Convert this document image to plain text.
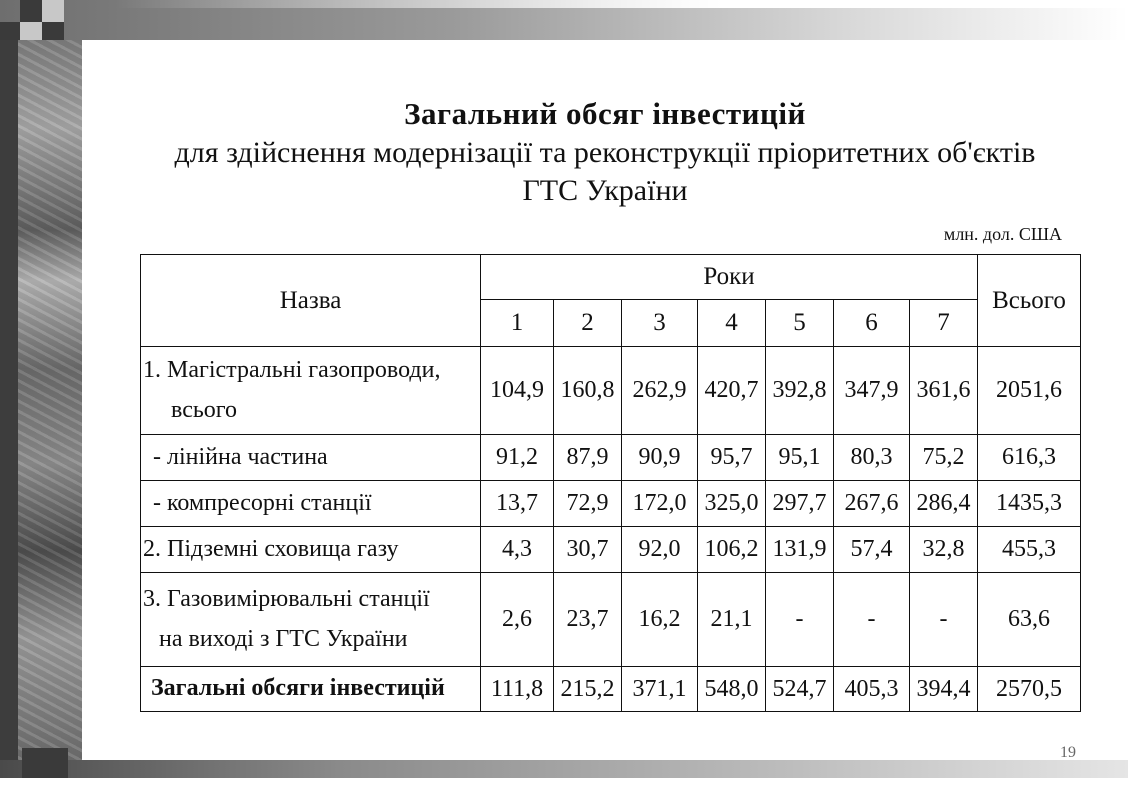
Загальний обсяг інвестицій
для здійснення модернізації та реконструкції пріоритетних об'єктів
ГТС України
млн. дол. США
Назва	Роки							Всього
	1	2	3	4	5	6	7	

1. Магістральні газопроводи,
всього	104,9	160,8	262,9	420,7	392,8	347,9	361,6	2051,6

- лінійна частина	91,2	87,9	90,9	95,7	95,1	80,3	75,2	616,3

- компресорні станції	13,7	72,9	172,0	325,0	297,7	267,6	286,4	1435,3

2. Підземні сховища газу	4,3	30,7	92,0	106,2	131,9	57,4	32,8	455,3

3. Газовимірювальні станції
на виході з ГТС України	2,6	23,7	16,2	21,1	-	-	-	63,6
Загальні обсяги інвестицій	111,8	215,2	371,1	548,0	524,7	405,3	394,4	2570,5
19
